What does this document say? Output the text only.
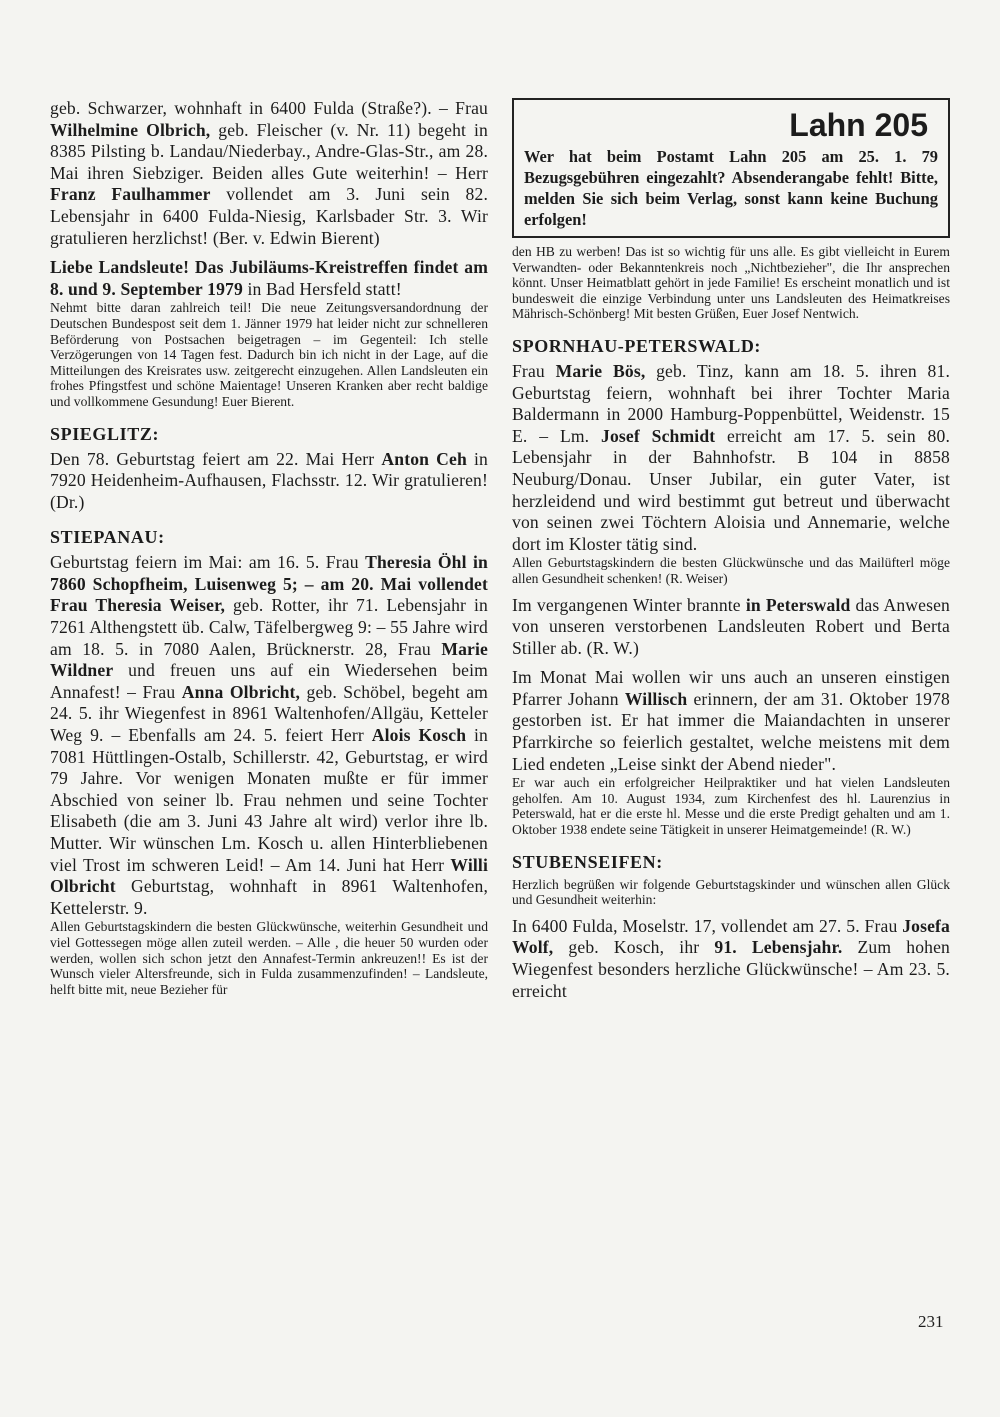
geb. Schwarzer, wohnhaft in 6400 Fulda (Straße?). – Frau Wilhelmine Olbrich, geb. Fleischer (v. Nr. 11) begeht in 8385 Pilsting b. Landau/Niederbay., Andre-Glas-Str., am 28. Mai ihren Siebziger. Beiden alles Gute weiterhin! – Herr Franz Faulhammer vollendet am 3. Juni sein 82. Lebensjahr in 6400 Fulda-Niesig, Karlsbader Str. 3. Wir gratulieren herzlichst! (Ber. v. Edwin Bierent)

Liebe Landsleute! Das Jubiläums-Kreistreffen findet am 8. und 9. September 1979 in Bad Hersfeld statt!

Nehmt bitte daran zahlreich teil! Die neue Zeitungsversandordnung der Deutschen Bundespost seit dem 1. Jänner 1979 hat leider nicht zur schnelleren Beförderung von Postsachen beigetragen – im Gegenteil: Ich stelle Verzögerungen von 14 Tagen fest. Dadurch bin ich nicht in der Lage, auf die Mitteilungen des Kreisrates usw. zeitgerecht einzugehen. Allen Landsleuten ein frohes Pfingstfest und schöne Maientage! Unseren Kranken aber recht baldige und vollkommene Gesundung! Euer Bierent.

SPIEGLITZ:

Den 78. Geburtstag feiert am 22. Mai Herr Anton Ceh in 7920 Heidenheim-Aufhausen, Flachsstr. 12. Wir gratulieren! (Dr.)

STIEPANAU:

Geburtstag feiern im Mai: am 16. 5. Frau Theresia Öhl in 7860 Schopfheim, Luisenweg 5; – am 20. Mai vollendet Frau Theresia Weiser, geb. Rotter, ihr 71. Lebensjahr in 7261 Althengstett üb. Calw, Täfelbergweg 9: – 55 Jahre wird am 18. 5. in 7080 Aalen, Brücknerstr. 28, Frau Marie Wildner und freuen uns auf ein Wiedersehen beim Annafest! – Frau Anna Olbricht, geb. Schöbel, begeht am 24. 5. ihr Wiegenfest in 8961 Waltenhofen/Allgäu, Ketteler Weg 9. – Ebenfalls am 24. 5. feiert Herr Alois Kosch in 7081 Hüttlingen-Ostalb, Schillerstr. 42, Geburtstag, er wird 79 Jahre. Vor wenigen Monaten mußte er für immer Abschied von seiner lb. Frau nehmen und seine Tochter Elisabeth (die am 3. Juni 43 Jahre alt wird) verlor ihre lb. Mutter. Wir wünschen Lm. Kosch u. allen Hinterbliebenen viel Trost im schweren Leid! – Am 14. Juni hat Herr Willi Olbricht Geburtstag, wohnhaft in 8961 Waltenhofen, Kettelerstr. 9.

Allen Geburtstagskindern die besten Glückwünsche, weiterhin Gesundheit und viel Gottessegen möge allen zuteil werden. – Alle , die heuer 50 wurden oder werden, wollen sich schon jetzt den Annafest-Termin ankreuzen!! Es ist der Wunsch vieler Altersfreunde, sich in Fulda zusammenzufinden! – Landsleute, helft bitte mit, neue Bezieher für

Lahn 205

Wer hat beim Postamt Lahn 205 am 25. 1. 79 Bezugsgebühren eingezahlt? Absenderangabe fehlt! Bitte, melden Sie sich beim Verlag, sonst kann keine Buchung erfolgen!

den HB zu werben! Das ist so wichtig für uns alle. Es gibt vielleicht in Eurem Verwandten- oder Bekanntenkreis noch „Nichtbezieher", die Ihr ansprechen könnt. Unser Heimatblatt gehört in jede Familie! Es erscheint monatlich und ist bundesweit die einzige Verbindung unter uns Landsleuten des Heimatkreises Mährisch-Schönberg! Mit besten Grüßen, Euer Josef Nentwich.

SPORNHAU-PETERSWALD:

Frau Marie Bös, geb. Tinz, kann am 18. 5. ihren 81. Geburtstag feiern, wohnhaft bei ihrer Tochter Maria Baldermann in 2000 Hamburg-Poppenbüttel, Weidenstr. 15 E. – Lm. Josef Schmidt erreicht am 17. 5. sein 80. Lebensjahr in der Bahnhofstr. B 104 in 8858 Neuburg/Donau. Unser Jubilar, ein guter Vater, ist herzleidend und wird bestimmt gut betreut und überwacht von seinen zwei Töchtern Aloisia und Annemarie, welche dort im Kloster tätig sind.

Allen Geburtstagskindern die besten Glückwünsche und das Mailüfterl möge allen Gesundheit schenken! (R. Weiser)

Im vergangenen Winter brannte in Peterswald das Anwesen von unseren verstorbenen Landsleuten Robert und Berta Stiller ab. (R. W.)

Im Monat Mai wollen wir uns auch an unseren einstigen Pfarrer Johann Willisch erinnern, der am 31. Oktober 1978 gestorben ist. Er hat immer die Maiandachten in unserer Pfarrkirche so feierlich gestaltet, welche meistens mit dem Lied endeten „Leise sinkt der Abend nieder".

Er war auch ein erfolgreicher Heilpraktiker und hat vielen Landsleuten geholfen. Am 10. August 1934, zum Kirchenfest des hl. Laurenzius in Peterswald, hat er die erste hl. Messe und die erste Predigt gehalten und am 1. Oktober 1938 endete seine Tätigkeit in unserer Heimatgemeinde! (R. W.)

STUBENSEIFEN:

Herzlich begrüßen wir folgende Geburtstagskinder und wünschen allen Glück und Gesundheit weiterhin:

In 6400 Fulda, Moselstr. 17, vollendet am 27. 5. Frau Josefa Wolf, geb. Kosch, ihr 91. Lebensjahr. Zum hohen Wiegenfest besonders herzliche Glückwünsche! – Am 23. 5. erreicht

231
